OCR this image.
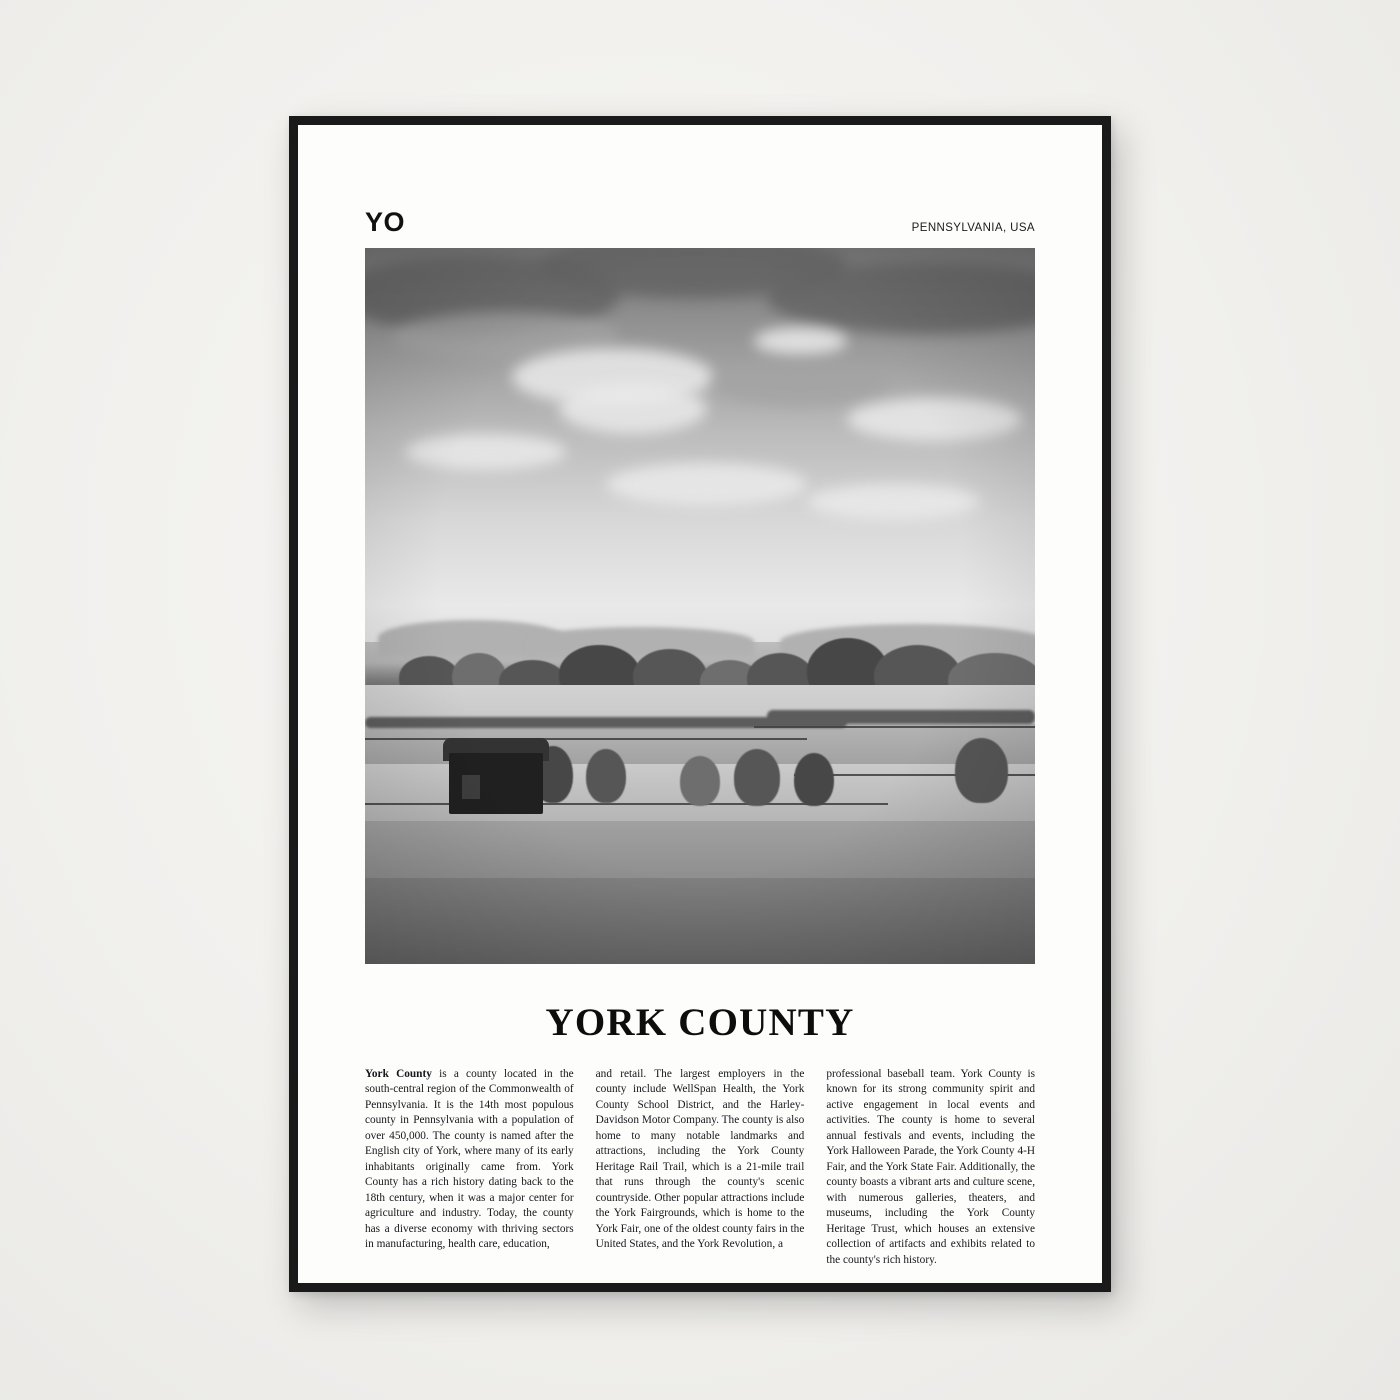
YO	PENNSYLVANIA, USA
YORK COUNTY

York County is a county located in the south-central region of the Commonwealth of Pennsylvania. It is the 14th most populous county in Pennsylvania with a population of over 450,000. The county is named after the English city of York, where many of its early inhabitants originally came from. York County has a rich history dating back to the 18th century, when it was a major center for agriculture and industry. Today, the county has a diverse economy with thriving sectors in manufacturing, health care, education,

and retail. The largest employers in the county include WellSpan Health, the York County School District, and the Harley-Davidson Motor Company. The county is also home to many notable landmarks and attractions, including the York County Heritage Rail Trail, which is a 21-mile trail that runs through the county's scenic countryside. Other popular attractions include the York Fairgrounds, which is home to the York Fair, one of the oldest county fairs in the United States, and the York Revolution, a

professional baseball team. York County is known for its strong community spirit and active engagement in local events and activities. The county is home to several annual festivals and events, including the York Halloween Parade, the York County 4-H Fair, and the York State Fair. Additionally, the county boasts a vibrant arts and culture scene, with numerous galleries, theaters, and museums, including the York County Heritage Trust, which houses an extensive collection of artifacts and exhibits related to the county's rich history.
